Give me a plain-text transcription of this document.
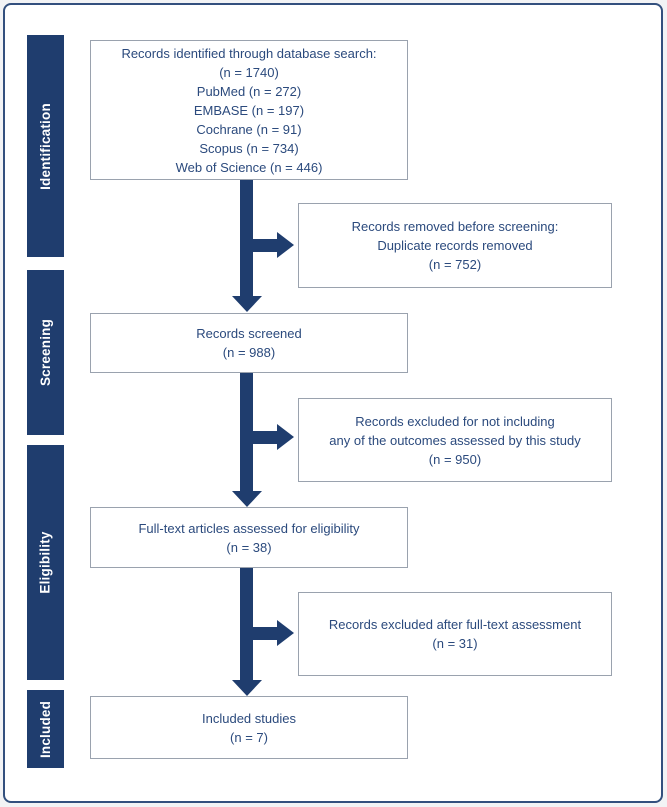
Identification
Screening
Eligibility
Included
Records identified through database search:
(n = 1740)
PubMed (n = 272)
EMBASE (n = 197)
Cochrane (n = 91)
Scopus (n = 734)
Web of Science (n = 446)
Records removed before screening:
Duplicate records removed
(n = 752)
Records screened
(n = 988)
Records excluded for not including
any of the outcomes assessed by this study
(n = 950)
Full-text articles assessed for eligibility
(n = 38)
Records excluded after full-text assessment
(n = 31)
Included studies
(n = 7)
